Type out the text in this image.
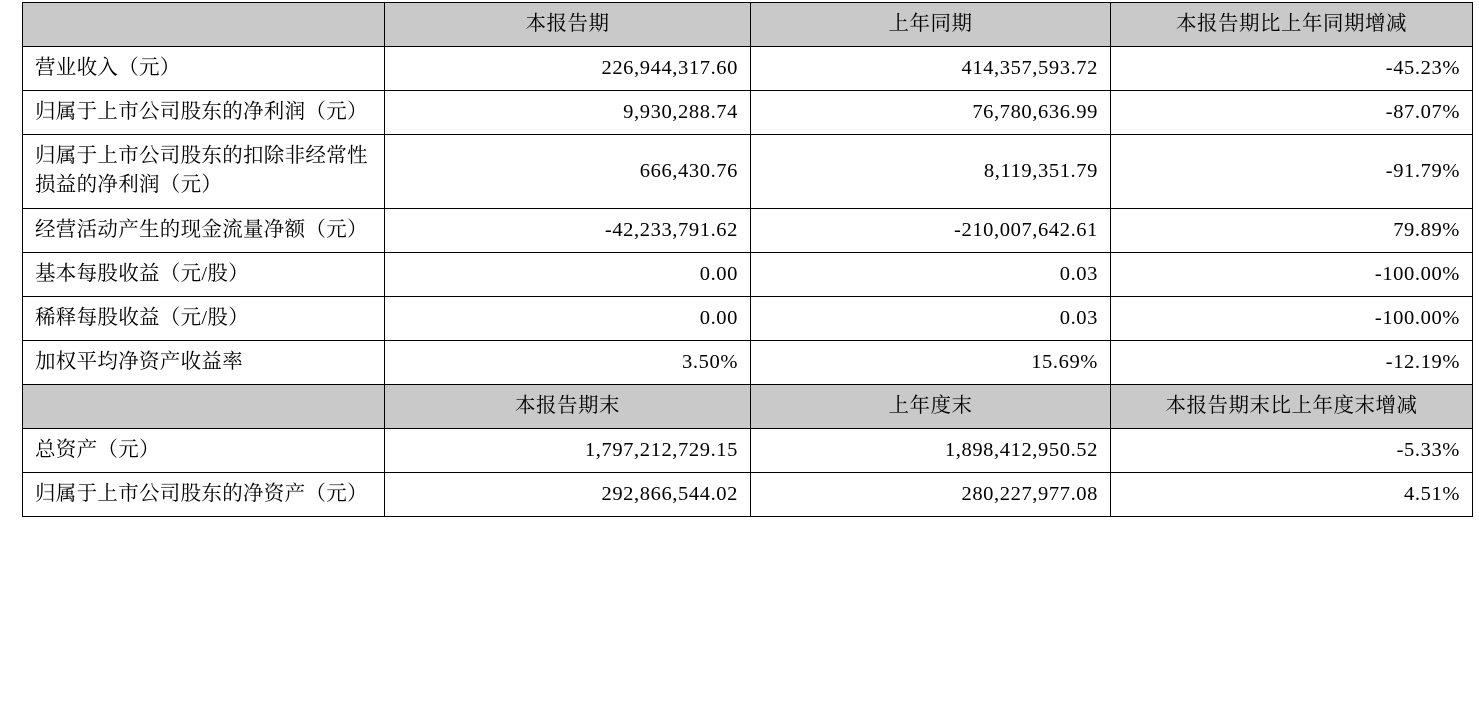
	本报告期	上年同期	本报告期比上年同期增减
营业收入（元）	226,944,317.60	414,357,593.72	-45.23%
归属于上市公司股东的净利润（元）	9,930,288.74	76,780,636.99	-87.07%
归属于上市公司股东的扣除非经常性损益的净利润（元）	666,430.76	8,119,351.79	-91.79%
经营活动产生的现金流量净额（元）	-42,233,791.62	-210,007,642.61	79.89%
基本每股收益（元/股）	0.00	0.03	-100.00%
稀释每股收益（元/股）	0.00	0.03	-100.00%
加权平均净资产收益率	3.50%	15.69%	-12.19%
	本报告期末	上年度末	本报告期末比上年度末增减
总资产（元）	1,797,212,729.15	1,898,412,950.52	-5.33%
归属于上市公司股东的净资产（元）	292,866,544.02	280,227,977.08	4.51%
